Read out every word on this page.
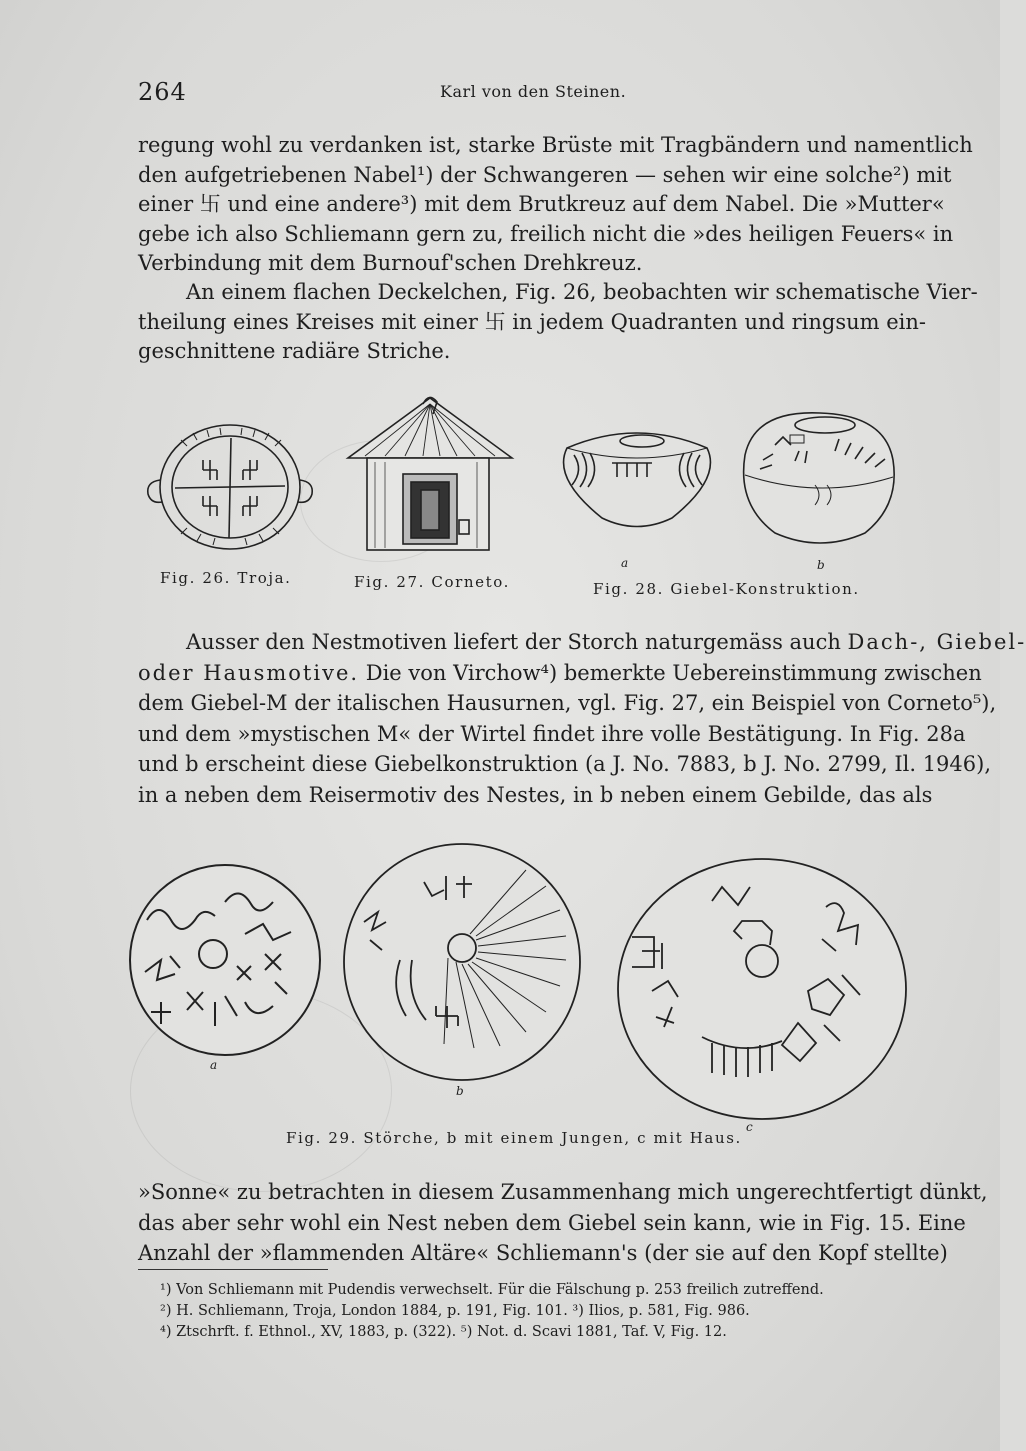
264	Karl von den Steinen.
regung wohl zu verdanken ist, starke Brüste mit Tragbändern und namentlich
den aufgetriebenen Nabel¹) der Schwangeren — sehen wir eine solche²) mit
einer 卐 und eine andere³) mit dem Brutkreuz auf dem Nabel. Die »Mutter«
gebe ich also Schliemann gern zu, freilich nicht die »des heiligen Feuers« in
Verbindung mit dem Burnouf'schen Drehkreuz.
An einem flachen Deckelchen, Fig. 26, beobachten wir schematische Vier-
theilung eines Kreises mit einer 卐 in jedem Quadranten und ringsum ein-
geschnittene radiäre Striche.
Fig. 26. Troja.	Fig. 27. Corneto.
a	b
Fig. 28. Giebel-Konstruktion.
Ausser den Nestmotiven liefert der Storch naturgemäss auch Dach-, Giebel-
oder Hausmotive. Die von Virchow⁴) bemerkte Uebereinstimmung zwischen
dem Giebel-M der italischen Hausurnen, vgl. Fig. 27, ein Beispiel von Corneto⁵),
und dem »mystischen M« der Wirtel findet ihre volle Bestätigung. In Fig. 28a
und b erscheint diese Giebelkonstruktion (a J. No. 7883, b J. No. 2799, Il. 1946),
in a neben dem Reisermotiv des Nestes, in b neben einem Gebilde, das als
a
b
c
Fig. 29. Störche, b mit einem Jungen, c mit Haus.
»Sonne« zu betrachten in diesem Zusammenhang mich ungerechtfertigt dünkt,
das aber sehr wohl ein Nest neben dem Giebel sein kann, wie in Fig. 15. Eine
Anzahl der »flammenden Altäre« Schliemann's (der sie auf den Kopf stellte)
¹) Von Schliemann mit Pudendis verwechselt. Für die Fälschung p. 253 freilich zutreffend.
²) H. Schliemann, Troja, London 1884, p. 191, Fig. 101. ³) Ilios, p. 581, Fig. 986.
⁴) Ztschrft. f. Ethnol., XV, 1883, p. (322). ⁵) Not. d. Scavi 1881, Taf. V, Fig. 12.
